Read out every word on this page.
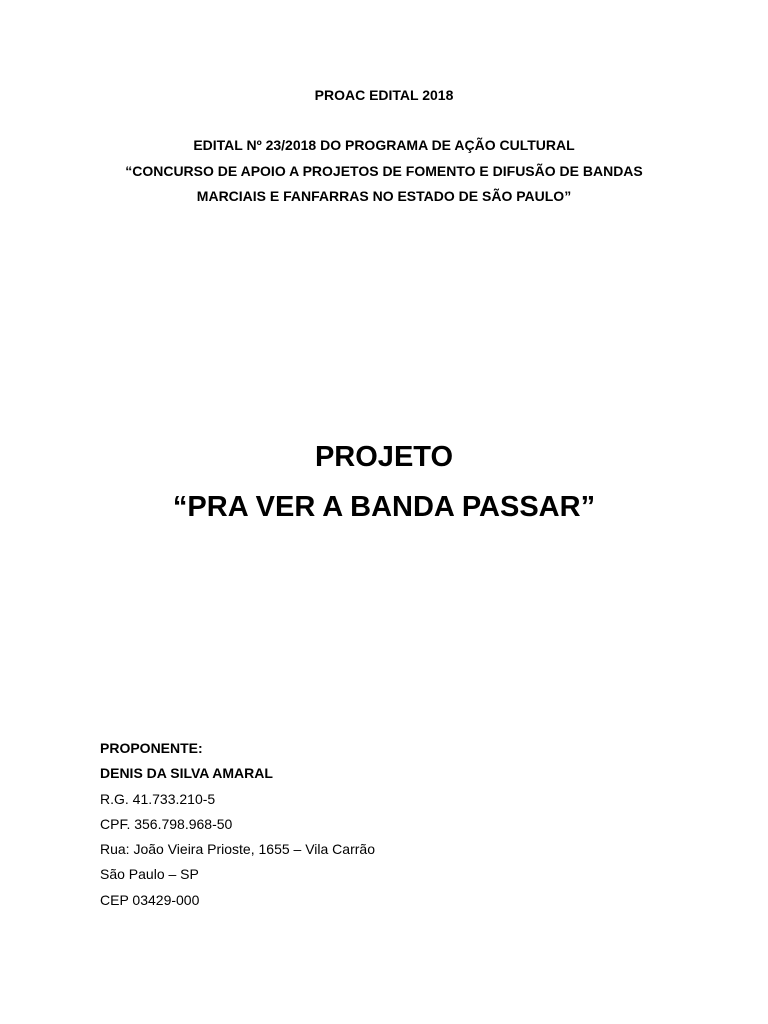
PROAC EDITAL 2018
EDITAL Nº 23/2018 DO PROGRAMA DE AÇÃO CULTURAL
“CONCURSO DE APOIO A PROJETOS DE FOMENTO E DIFUSÃO DE BANDAS
MARCIAIS E FANFARRAS NO ESTADO DE SÃO PAULO”
PROJETO
“PRA VER A BANDA PASSAR”
PROPONENTE:
DENIS DA SILVA AMARAL
R.G. 41.733.210-5
CPF. 356.798.968-50
Rua: João Vieira Prioste, 1655 – Vila Carrão
São Paulo – SP
CEP 03429-000
